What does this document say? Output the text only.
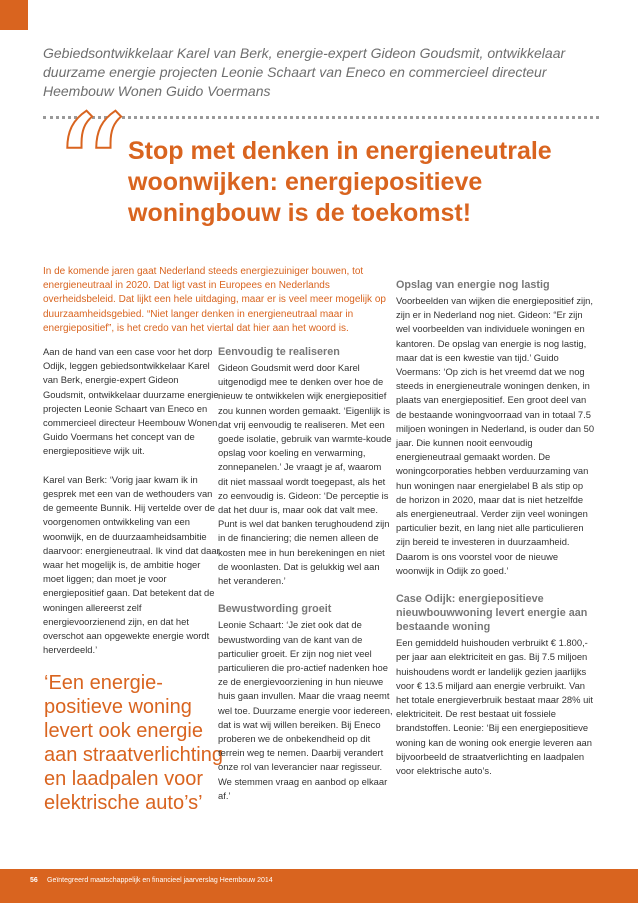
Gebiedsontwikkelaar Karel van Berk, energie-expert Gideon Goudsmit, ontwikkelaar duurzame energie projecten Leonie Schaart van Eneco en commercieel directeur Heembouw Wonen Guido Voermans
“ Stop met denken in energieneutrale woonwijken: energiepositieve woningbouw is de toekomst!
In de komende jaren gaat Nederland steeds energiezuiniger bouwen, tot energieneutraal in 2020. Dat ligt vast in Europees en Nederlands overheidsbeleid. Dat lijkt een hele uitdaging, maar er is veel meer mogelijk op duurzaamheidsgebied. “Niet langer denken in energieneutraal maar in energiepositief”, is het credo van het viertal dat hier aan het woord is.

Aan de hand van een case voor het dorp Odijk, leggen gebiedsontwikkelaar Karel van Berk, energie-expert Gideon Goudsmit, ontwikkelaar duurzame energie projecten Leonie Schaart van Eneco en commercieel directeur Heembouw Wonen Guido Voermans het concept van de energiepositieve wijk uit.

Karel van Berk: ‘Vorig jaar kwam ik in gesprek met een van de wethouders van de gemeente Bunnik. Hij vertelde over de voorgenomen ontwikkeling van een woonwijk, en de duurzaamheidsambitie daarvoor: energieneutraal. Ik vind dat daar waar het mogelijk is, de ambitie hoger moet liggen; dan moet je voor energiepositief gaan. Dat betekent dat de woningen allereerst zelf energievoorzienend zijn, en dat het overschot aan opgewekte energie wordt herverdeeld.’

‘Een energie-positieve woning levert ook energie aan straatverlichting en laadpalen voor elektrische auto’s’
Eenvoudig te realiseren

Gideon Goudsmit werd door Karel uitgenodigd mee te denken over hoe de nieuw te ontwikkelen wijk energiepositief zou kunnen worden gemaakt. ‘Eigenlijk is dat vrij eenvoudig te realiseren. Met een goede isolatie, gebruik van warmte-koude opslag voor koeling en verwarming, zonnepanelen.’ Je vraagt je af, waarom dit niet massaal wordt toegepast, als het zo eenvoudig is. Gideon: ‘De perceptie is dat het duur is, maar ook dat valt mee. Punt is wel dat banken terughoudend zijn in de financiering; die nemen alleen de kosten mee in hun berekeningen en niet de woonlasten. Dat is gelukkig wel aan het veranderen.’

Bewustwording groeit

Leonie Schaart: ‘Je ziet ook dat de bewustwording van de kant van de particulier groeit. Er zijn nog niet veel particulieren die pro-actief nadenken hoe ze de energievoorziening in hun nieuwe huis gaan invullen. Maar die vraag neemt wel toe. Duurzame energie voor iedereen, dat is wat wij willen bereiken. Bij Eneco proberen we de onbekendheid op dit terrein weg te nemen. Daarbij verandert onze rol van leverancier naar regisseur. We stemmen vraag en aanbod op elkaar af.’

Opslag van energie nog lastig

Voorbeelden van wijken die energiepositief zijn, zijn er in Nederland nog niet. Gideon: “Er zijn wel voorbeelden van individuele woningen en kantoren. De opslag van energie is nog lastig, maar dat is een kwestie van tijd.’ Guido Voermans: ‘Op zich is het vreemd dat we nog steeds in energieneutrale woningen denken, in plaats van energiepositief. Een groot deel van de bestaande woningvoorraad van in totaal 7.5 miljoen woningen in Nederland, is ouder dan 50 jaar. Die kunnen nooit eenvoudig energieneutraal gemaakt worden. De woningcorporaties hebben verduurzaming van hun woningen naar energielabel B als stip op de horizon in 2020, maar dat is niet hetzelfde als energieneutraal. Verder zijn veel woningen particulier bezit, en lang niet alle particulieren zijn bereid te investeren in duurzaamheid. Daarom is ons voorstel voor de nieuwe woonwijk in Odijk zo goed.’

Case Odijk: energiepositieve nieuwbouwwoning levert energie aan bestaande woning

Een gemiddeld huishouden verbruikt € 1.800,- per jaar aan elektriciteit en gas. Bij 7.5 miljoen huishoudens wordt er landelijk gezien jaarlijks voor € 13.5 miljard aan energie verbruikt. Van het totale energieverbruik bestaat maar 28% uit elektriciteit. De rest bestaat uit fossiele brandstoffen. Leonie: ‘Bij een energiepositieve woning kan de woning ook energie leveren aan bijvoorbeeld de straatverlichting en laadpalen voor elektrische auto’s.

56 Geïntegreerd maatschappelijk en financieel jaarverslag Heembouw 2014
